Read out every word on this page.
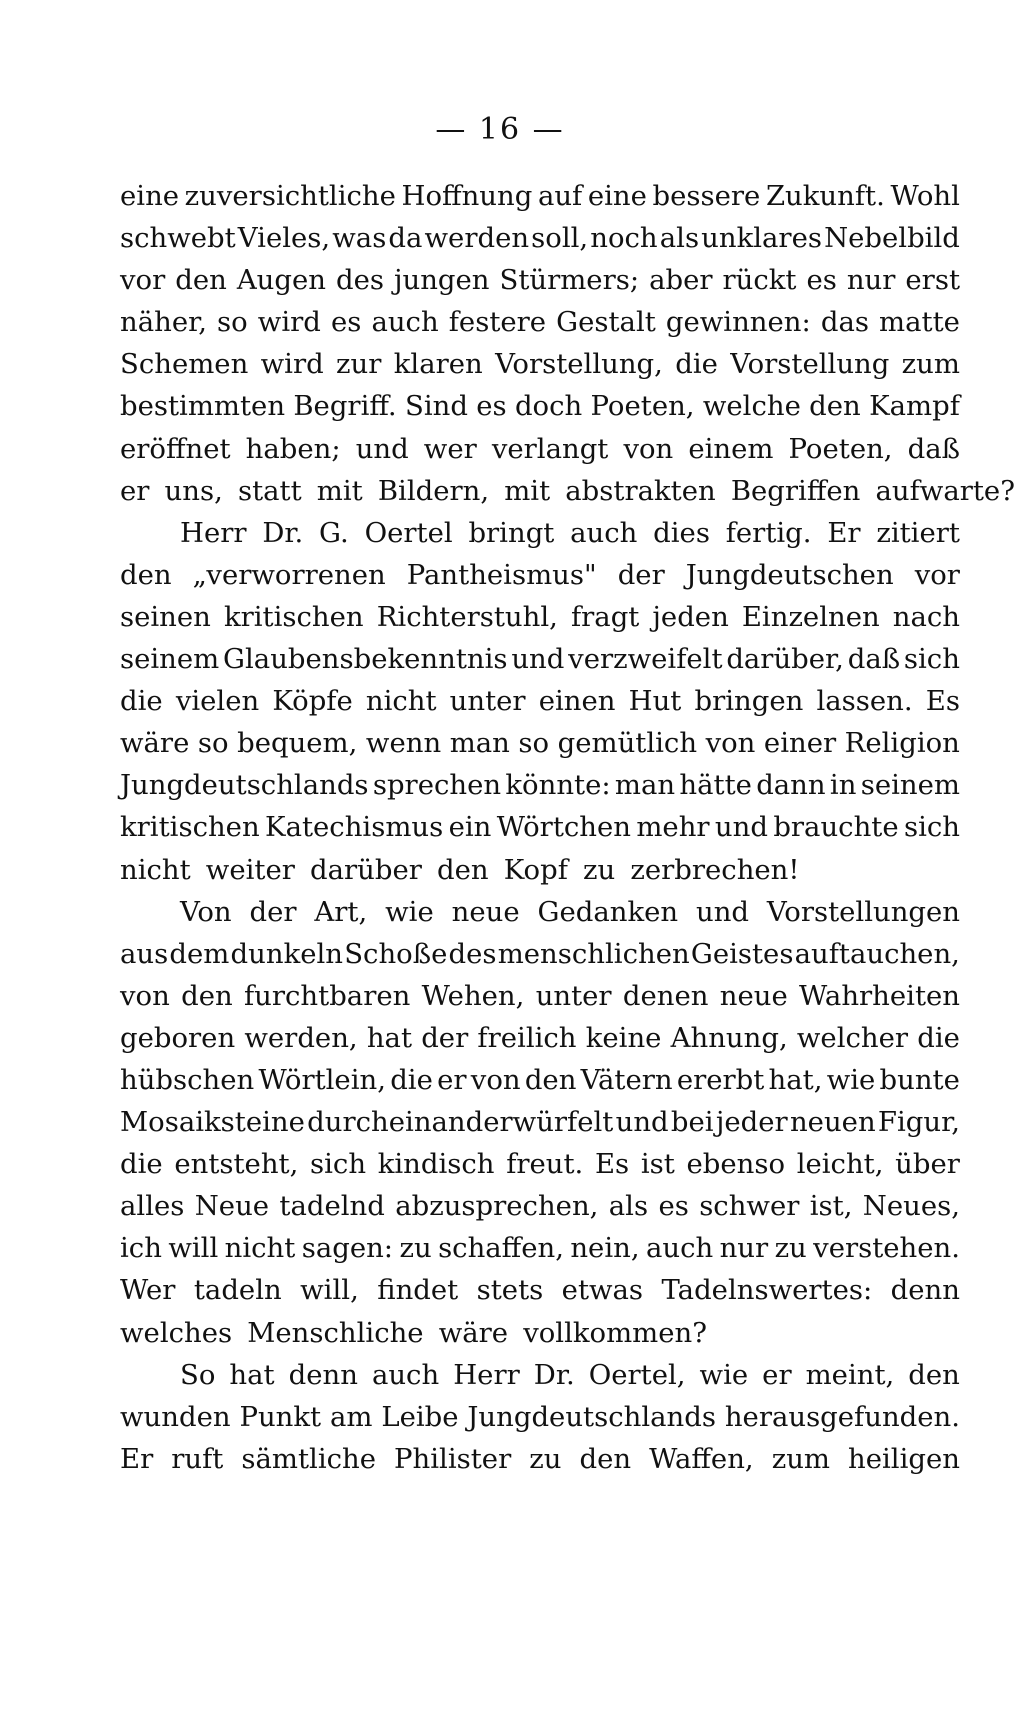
— 16 —
eine zuversichtliche Hoffnung auf eine bessere Zukunft. Wohl
schwebt Vieles, was da werden soll, noch als unklares Nebelbild
vor den Augen des jungen Stürmers; aber rückt es nur erst
näher, so wird es auch festere Gestalt gewinnen: das matte
Schemen wird zur klaren Vorstellung, die Vorstellung zum
bestimmten Begriff. Sind es doch Poeten, welche den Kampf
eröffnet haben; und wer verlangt von einem Poeten, daß
er uns, statt mit Bildern, mit abstrakten Begriffen aufwarte?
Herr Dr. G. Oertel bringt auch dies fertig. Er zitiert
den „verworrenen Pantheismus" der Jungdeutschen vor
seinen kritischen Richterstuhl, fragt jeden Einzelnen nach
seinem Glaubensbekenntnis und verzweifelt darüber, daß sich
die vielen Köpfe nicht unter einen Hut bringen lassen. Es
wäre so bequem, wenn man so gemütlich von einer Religion
Jungdeutschlands sprechen könnte: man hätte dann in seinem
kritischen Katechismus ein Wörtchen mehr und brauchte sich
nicht weiter darüber den Kopf zu zerbrechen!
Von der Art, wie neue Gedanken und Vorstellungen
aus dem dunkeln Schoße des menschlichen Geistes auftauchen,
von den furchtbaren Wehen, unter denen neue Wahrheiten
geboren werden, hat der freilich keine Ahnung, welcher die
hübschen Wörtlein, die er von den Vätern ererbt hat, wie bunte
Mosaiksteine durcheinanderwürfelt und bei jeder neuen Figur,
die entsteht, sich kindisch freut. Es ist ebenso leicht, über
alles Neue tadelnd abzusprechen, als es schwer ist, Neues,
ich will nicht sagen: zu schaffen, nein, auch nur zu verstehen.
Wer tadeln will, findet stets etwas Tadelnswertes: denn
welches Menschliche wäre vollkommen?
So hat denn auch Herr Dr. Oertel, wie er meint, den
wunden Punkt am Leibe Jungdeutschlands herausgefunden.
Er ruft sämtliche Philister zu den Waffen, zum heiligen
